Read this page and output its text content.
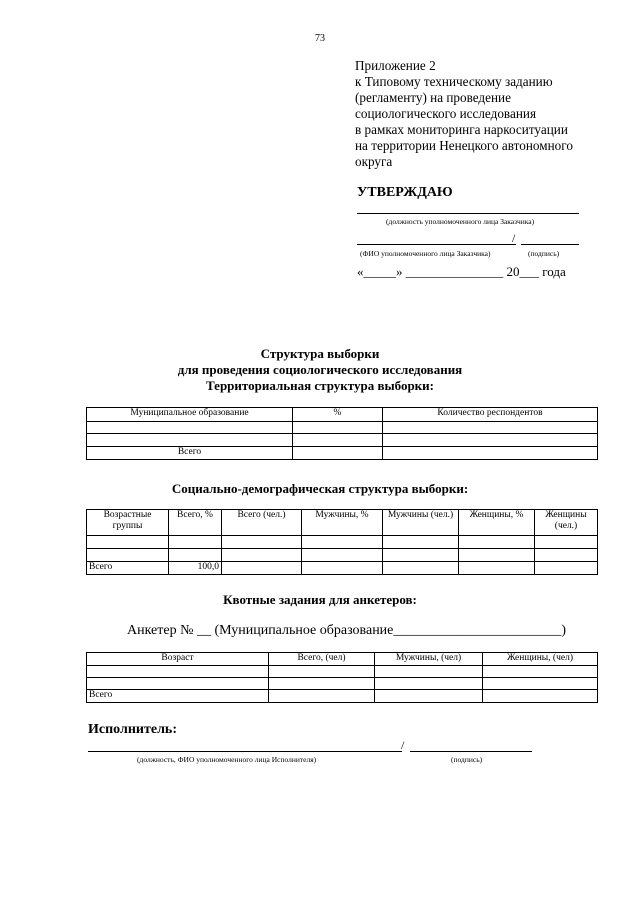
73
Приложение 2
к Типовому техническому заданию
(регламенту) на проведение
социологического исследования
в рамках мониторинга наркоситуации
на территории Ненецкого автономного
округа
УТВЕРЖДАЮ
(должность уполномоченного лица Заказчика)
/
(ФИО уполномоченного лица Заказчика)	(подпись)
«_____» _______________ 20___ года
Структура выборки
для проведения социологического исследования
Территориальная структура выборки:
Муниципальное образование	%	Количество респондентов

Всего		
Социально-демографическая структура выборки:
Возрастные группы	Всего, %	Всего (чел.)	Мужчины, %	Мужчины (чел.)	Женщины, %	Женщины (чел.)

Всего	100,0					
Квотные задания для анкетеров:
Анкетер № __ (Муниципальное образование________________________)
Возраст	Всего, (чел)	Мужчины, (чел)	Женщины, (чел)

Всего			
Исполнитель:
/
(должность, ФИО уполномоченного лица Исполнителя)	(подпись)
